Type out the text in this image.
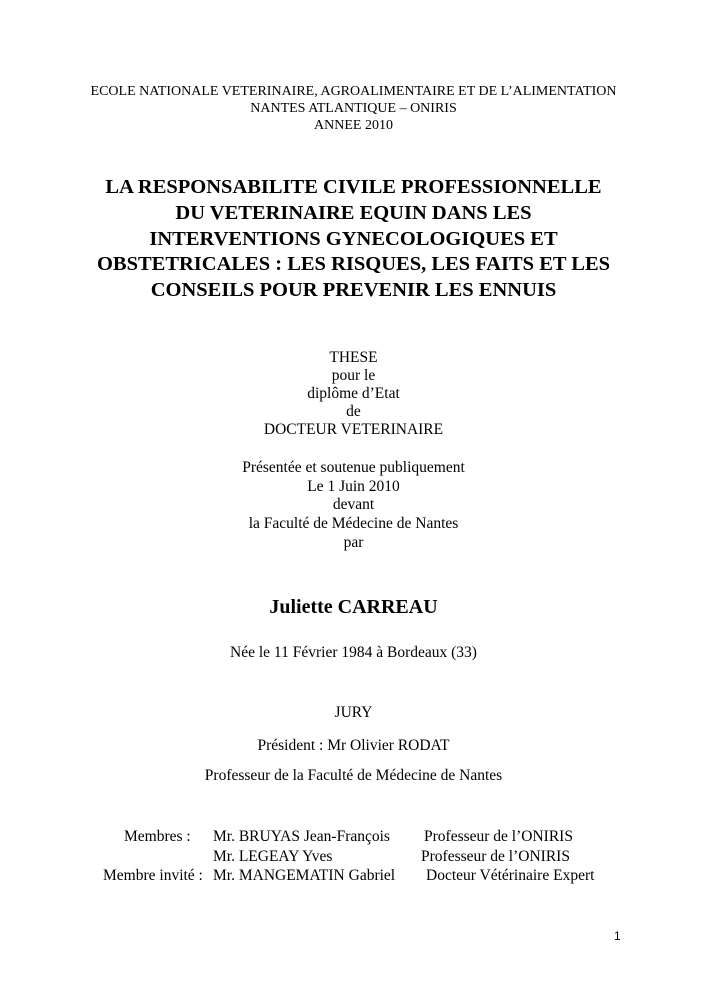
ECOLE NATIONALE VETERINAIRE, AGROALIMENTAIRE ET DE L’ALIMENTATION
NANTES ATLANTIQUE – ONIRIS
ANNEE 2010
LA RESPONSABILITE CIVILE PROFESSIONNELLE
DU VETERINAIRE EQUIN DANS LES
INTERVENTIONS GYNECOLOGIQUES ET
OBSTETRICALES : LES RISQUES, LES FAITS ET LES
CONSEILS POUR PREVENIR LES ENNUIS
THESE
pour le
diplôme d’Etat
de
DOCTEUR VETERINAIRE
Présentée et soutenue publiquement
Le 1 Juin 2010
devant
la Faculté de Médecine de Nantes
par
Juliette CARREAU
Née le 11 Février 1984 à Bordeaux (33)
JURY
Président : Mr Olivier RODAT
Professeur de la Faculté de Médecine de Nantes
Membres : Mr. BRUYAS Jean-François Professeur de l’ONIRIS
Mr. LEGEAY Yves	Professeur de l’ONIRIS
Membre invité : Mr. MANGEMATIN Gabriel Docteur Vétérinaire Expert
1
